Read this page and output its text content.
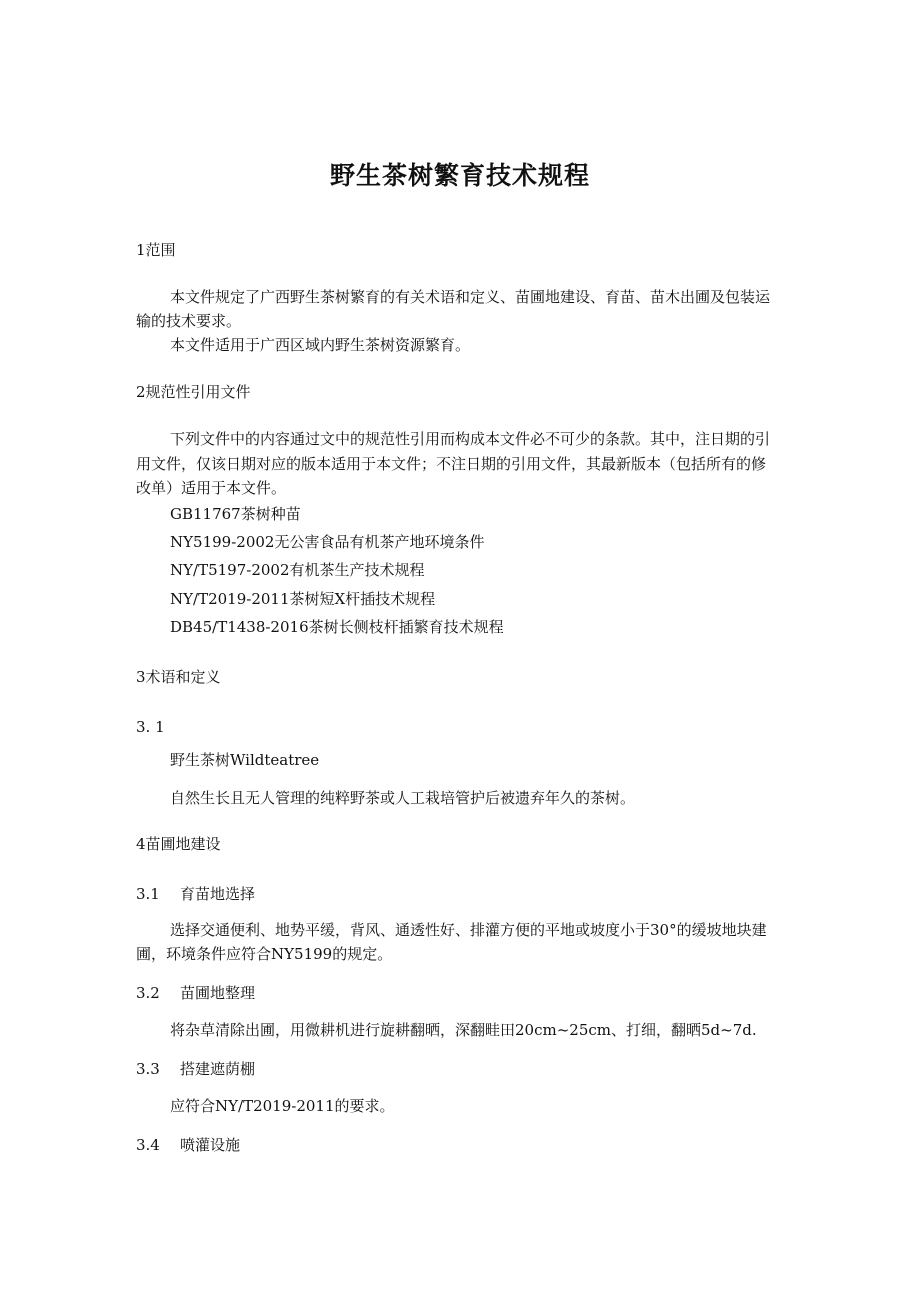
野生茶树繁育技术规程

1范围

本文件规定了广西野生茶树繁育的有关术语和定义、苗圃地建设、育苗、苗木出圃及包装运

输的技术要求。

本文件适用于广西区域内野生茶树资源繁育。

2规范性引用文件

下列文件中的内容通过文中的规范性引用而构成本文件必不可少的条款。其中，注日期的引

用文件，仅该日期对应的版本适用于本文件；不注日期的引用文件，其最新版本（包括所有的修

改单）适用于本文件。

GB11767茶树种苗

NY5199-2002无公害食品有机茶产地环境条件

NY/T5197-2002有机茶生产技术规程

NY/T2019-2011茶树短X杆插技术规程

DB45/T1438-2016茶树长侧枝杆插繁育技术规程

3术语和定义

3. 1

野生茶树Wildteatree

自然生长且无人管理的纯粹野茶或人工栽培管护后被遗弃年久的茶树。

4苗圃地建设

3.1 育苗地选择

选择交通便利、地势平缓，背风、通透性好、排灌方便的平地或坡度小于30°的缓坡地块建

圃，环境条件应符合NY5199的规定。

3.2 苗圃地整理

将杂草清除出圃，用微耕机进行旋耕翻晒，深翻畦田20cm~25cm、打细，翻晒5d~7d.

3.3 搭建遮荫棚

应符合NY/T2019-2011的要求。

3.4 喷灌设施
